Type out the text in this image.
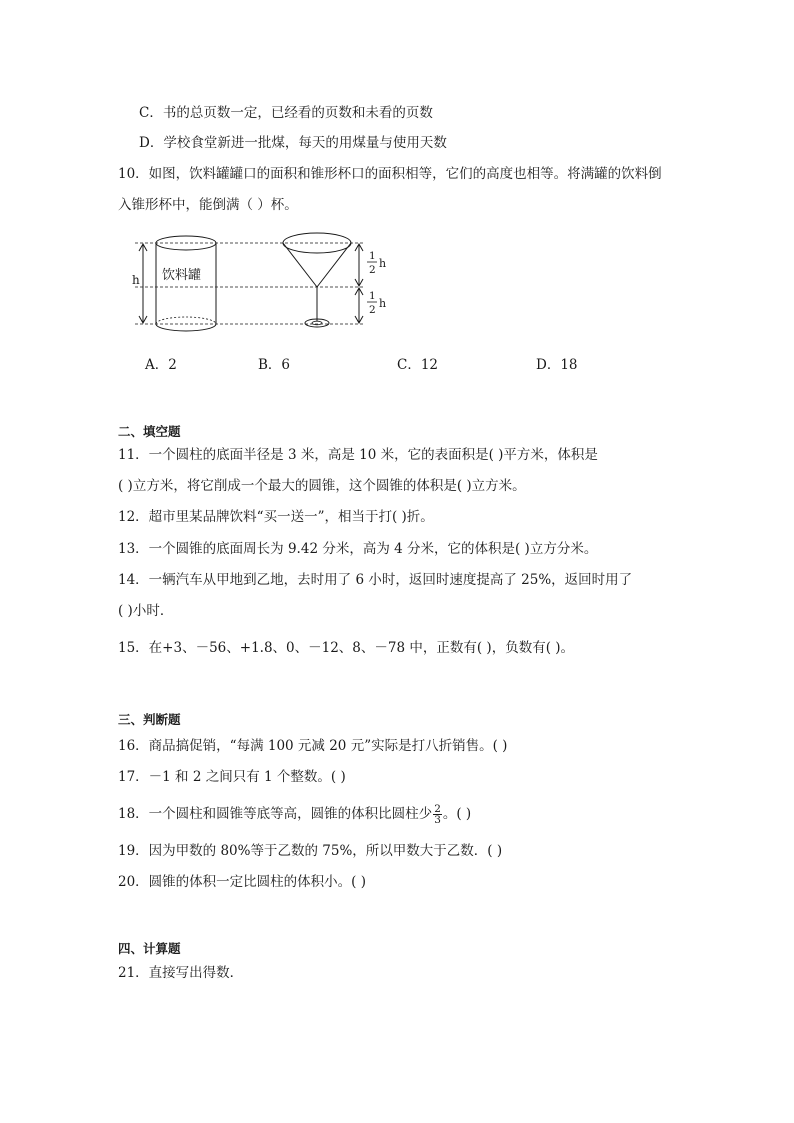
C．书的总页数一定，已经看的页数和未看的页数
D．学校食堂新进一批煤，每天的用煤量与使用天数
10．如图，饮料罐罐口的面积和锥形杯口的面积相等，它们的高度也相等。将满罐的饮料倒
入锥形杯中，能倒满（ ）杯。
h 饮料罐
1
2 h
1
2 h
A．2	B．6	C．12	D．18
二、填空题
11．一个圆柱的底面半径是 3 米，高是 10 米，它的表面积是( )平方米，体积是
( )立方米，将它削成一个最大的圆锥，这个圆锥的体积是( )立方米。
12．超市里某品牌饮料“买一送一”，相当于打( )折。
13．一个圆锥的底面周长为 9.42 分米，高为 4 分米，它的体积是( )立方分米。
14．一辆汽车从甲地到乙地，去时用了 6 小时，返回时速度提高了 25%，返回时用了
( )小时．
15．在+3、－56、+1.8、0、－12、8、－78 中，正数有( )，负数有( )。
三、判断题
16．商品搞促销，“每满 100 元减 20 元”实际是打八折销售。( )
17．－1 和 2 之间只有 1 个整数。( )
18．一个圆柱和圆锥等底等高，圆锥的体积比圆柱少 $\frac{2}{3}$ 。( )
19．因为甲数的 80%等于乙数的 75%，所以甲数大于乙数．( )
20．圆锥的体积一定比圆柱的体积小。( )
四、计算题
21．直接写出得数．
